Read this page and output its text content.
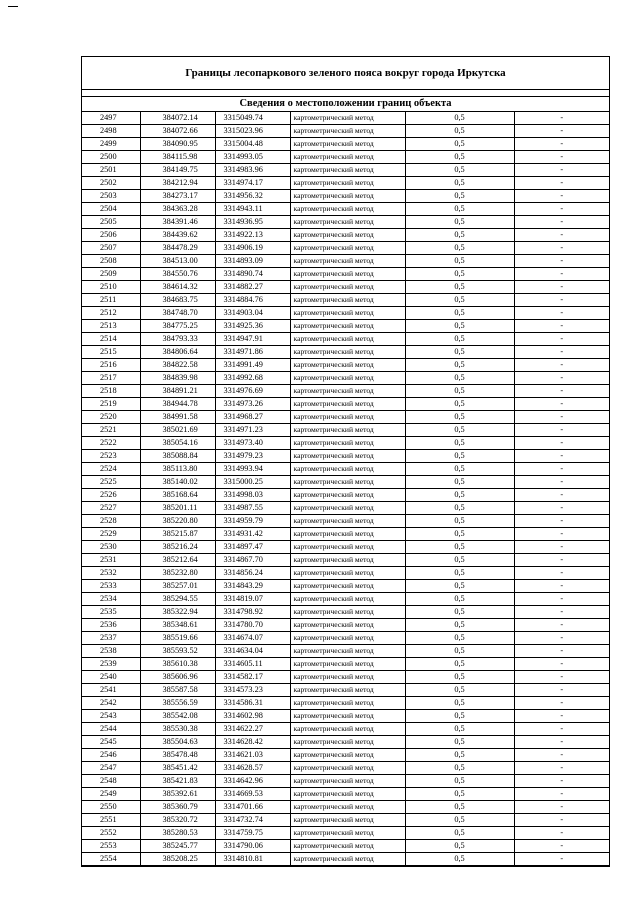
Границы лесопаркового зеленого пояса вокруг города Иркутска
Сведения о местоположении границ объекта
2497	384072.14	3315049.74	картометрический метод	0,5	-
2498	384072.66	3315023.96	картометрический метод	0,5	-
2499	384090.95	3315004.48	картометрический метод	0,5	-
2500	384115.98	3314993.05	картометрический метод	0,5	-
2501	384149.75	3314983.96	картометрический метод	0,5	-
2502	384212.94	3314974.17	картометрический метод	0,5	-
2503	384273.17	3314956.32	картометрический метод	0,5	-
2504	384363.28	3314943.11	картометрический метод	0,5	-
2505	384391.46	3314936.95	картометрический метод	0,5	-
2506	384439.62	3314922.13	картометрический метод	0,5	-
2507	384478.29	3314906.19	картометрический метод	0,5	-
2508	384513.00	3314893.09	картометрический метод	0,5	-
2509	384550.76	3314890.74	картометрический метод	0,5	-
2510	384614.32	3314882.27	картометрический метод	0,5	-
2511	384683.75	3314884.76	картометрический метод	0,5	-
2512	384748.70	3314903.04	картометрический метод	0,5	-
2513	384775.25	3314925.36	картометрический метод	0,5	-
2514	384793.33	3314947.91	картометрический метод	0,5	-
2515	384806.64	3314971.86	картометрический метод	0,5	-
2516	384822.58	3314991.49	картометрический метод	0,5	-
2517	384839.98	3314992.68	картометрический метод	0,5	-
2518	384891.21	3314976.69	картометрический метод	0,5	-
2519	384944.78	3314973.26	картометрический метод	0,5	-
2520	384991.58	3314968.27	картометрический метод	0,5	-
2521	385021.69	3314971.23	картометрический метод	0,5	-
2522	385054.16	3314973.40	картометрический метод	0,5	-
2523	385088.84	3314979.23	картометрический метод	0,5	-
2524	385113.80	3314993.94	картометрический метод	0,5	-
2525	385140.02	3315000.25	картометрический метод	0,5	-
2526	385168.64	3314998.03	картометрический метод	0,5	-
2527	385201.11	3314987.55	картометрический метод	0,5	-
2528	385220.80	3314959.79	картометрический метод	0,5	-
2529	385215.87	3314931.42	картометрический метод	0,5	-
2530	385216.24	3314897.47	картометрический метод	0,5	-
2531	385212.64	3314867.70	картометрический метод	0,5	-
2532	385232.80	3314856.24	картометрический метод	0,5	-
2533	385257.01	3314843.29	картометрический метод	0,5	-
2534	385294.55	3314819.07	картометрический метод	0,5	-
2535	385322.94	3314798.92	картометрический метод	0,5	-
2536	385348.61	3314780.70	картометрический метод	0,5	-
2537	385519.66	3314674.07	картометрический метод	0,5	-
2538	385593.52	3314634.04	картометрический метод	0,5	-
2539	385610.38	3314605.11	картометрический метод	0,5	-
2540	385606.96	3314582.17	картометрический метод	0,5	-
2541	385587.58	3314573.23	картометрический метод	0,5	-
2542	385556.59	3314586.31	картометрический метод	0,5	-
2543	385542.08	3314602.98	картометрический метод	0,5	-
2544	385530.38	3314622.27	картометрический метод	0,5	-
2545	385504.63	3314628.42	картометрический метод	0,5	-
2546	385478.48	3314621.03	картометрический метод	0,5	-
2547	385451.42	3314628.57	картометрический метод	0,5	-
2548	385421.83	3314642.96	картометрический метод	0,5	-
2549	385392.61	3314669.53	картометрический метод	0,5	-
2550	385360.79	3314701.66	картометрический метод	0,5	-
2551	385320.72	3314732.74	картометрический метод	0,5	-
2552	385280.53	3314759.75	картометрический метод	0,5	-
2553	385245.77	3314790.06	картометрический метод	0,5	-
2554	385208.25	3314810.81	картометрический метод	0,5	-
